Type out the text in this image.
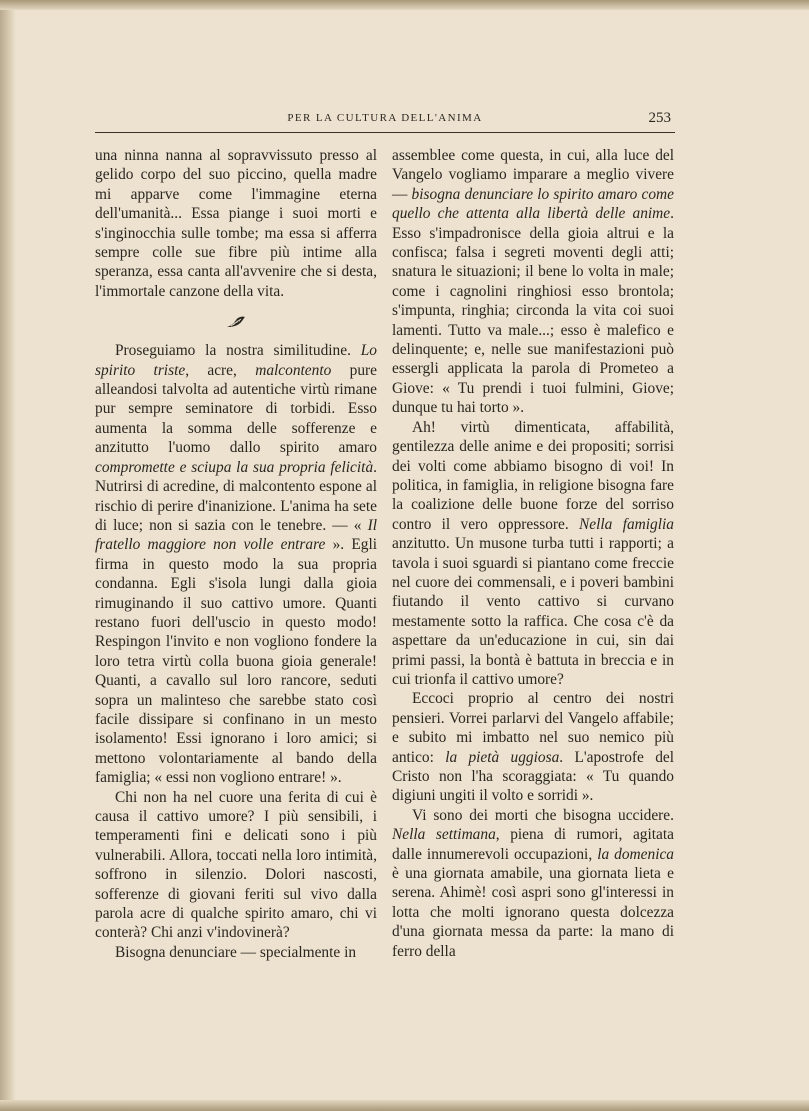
PER LA CULTURA DELL'ANIMA	253

una ninna nanna al sopravvissuto presso al gelido corpo del suo piccino, quella madre mi apparve come l'immagine eterna dell'umanità... Essa piange i suoi morti e s'inginocchia sulle tombe; ma essa si afferra sempre colle sue fibre più intime alla speranza, essa canta all'avvenire che si desta, l'immortale canzone della vita.

Proseguiamo la nostra similitudine. Lo spirito triste, acre, malcontento pure alleandosi talvolta ad autentiche virtù rimane pur sempre seminatore di torbidi. Esso aumenta la somma delle sofferenze e anzitutto l'uomo dallo spirito amaro compromette e sciupa la sua propria felicità. Nutrirsi di acredine, di malcontento espone al rischio di perire d'inanizione. L'anima ha sete di luce; non si sazia con le tenebre. — « Il fratello maggiore non volle entrare ». Egli firma in questo modo la sua propria condanna. Egli s'isola lungi dalla gioia rimuginando il suo cattivo umore. Quanti restano fuori dell'uscio in questo modo! Respingon l'invito e non vogliono fondere la loro tetra virtù colla buona gioia generale! Quanti, a cavallo sul loro rancore, seduti sopra un malinteso che sarebbe stato così facile dissipare si confinano in un mesto isolamento! Essi ignorano i loro amici; si mettono volontariamente al bando della famiglia; « essi non vogliono entrare! ».

Chi non ha nel cuore una ferita di cui è causa il cattivo umore? I più sensibili, i temperamenti fini e delicati sono i più vulnerabili. Allora, toccati nella loro intimità, soffrono in silenzio. Dolori nascosti, sofferenze di giovani feriti sul vivo dalla parola acre di qualche spirito amaro, chi vi conterà? Chi anzi v'indovinerà?

Bisogna denunciare — specialmente in

assemblee come questa, in cui, alla luce del Vangelo vogliamo imparare a meglio vivere — bisogna denunciare lo spirito amaro come quello che attenta alla libertà delle anime. Esso s'impadronisce della gioia altrui e la confisca; falsa i segreti moventi degli atti; snatura le situazioni; il bene lo volta in male; come i cagnolini ringhiosi esso brontola; s'impunta, ringhia; circonda la vita coi suoi lamenti. Tutto va male...; esso è malefico e delinquente; e, nelle sue manifestazioni può essergli applicata la parola di Prometeo a Giove: « Tu prendi i tuoi fulmini, Giove; dunque tu hai torto ».

Ah! virtù dimenticata, affabilità, gentilezza delle anime e dei propositi; sorrisi dei volti come abbiamo bisogno di voi! In politica, in famiglia, in religione bisogna fare la coalizione delle buone forze del sorriso contro il vero oppressore. Nella famiglia anzitutto. Un musone turba tutti i rapporti; a tavola i suoi sguardi si piantano come freccie nel cuore dei commensali, e i poveri bambini fiutando il vento cattivo si curvano mestamente sotto la raffica. Che cosa c'è da aspettare da un'educazione in cui, sin dai primi passi, la bontà è battuta in breccia e in cui trionfa il cattivo umore?

Eccoci proprio al centro dei nostri pensieri. Vorrei parlarvi del Vangelo affabile; e subito mi imbatto nel suo nemico più antico: la pietà uggiosa. L'apostrofe del Cristo non l'ha scoraggiata: « Tu quando digiuni ungiti il volto e sorridi ».

Vi sono dei morti che bisogna uccidere. Nella settimana, piena di rumori, agitata dalle innumerevoli occupazioni, la domenica è una giornata amabile, una giornata lieta e serena. Ahimè! così aspri sono gl'interessi in lotta che molti ignorano questa dolcezza d'una giornata messa da parte: la mano di ferro della
